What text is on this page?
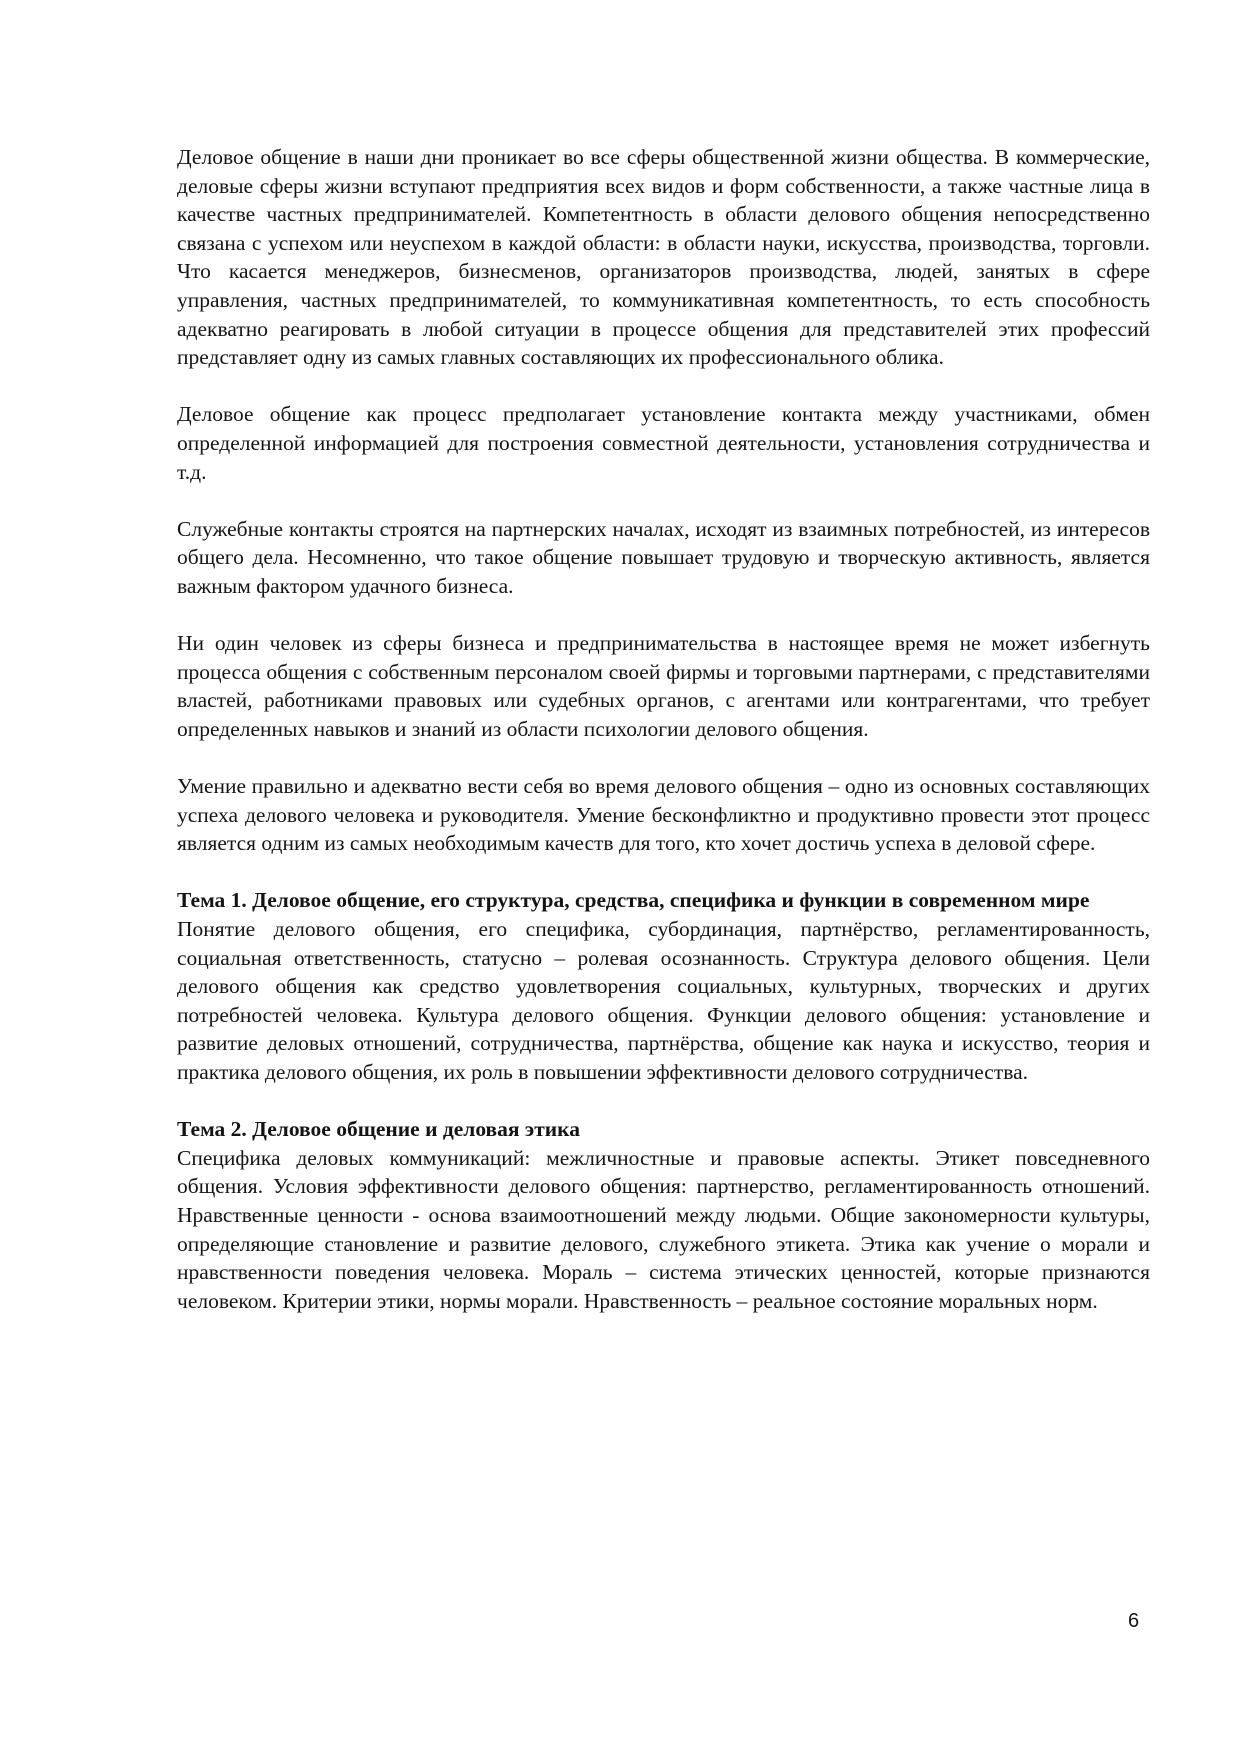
Деловое общение в наши дни проникает во все сферы общественной жизни общества. В коммерческие, деловые сферы жизни вступают предприятия всех видов и форм собственности, а также частные лица в качестве частных предпринимателей. Компетентность в области делового общения непосредственно связана с успехом или неуспехом в каждой области: в области науки, искусства, производства, торговли. Что касается менеджеров, бизнесменов, организаторов производства, людей, занятых в сфере управления, частных предпринимателей, то коммуникативная компетентность, то есть способность адекватно реагировать в любой ситуации в процессе общения для представителей этих профессий представляет одну из самых главных составляющих их профессионального облика.

Деловое общение как процесс предполагает установление контакта между участниками, обмен определенной информацией для построения совместной деятельности, установления сотрудничества и т.д.

Служебные контакты строятся на партнерских началах, исходят из взаимных потребностей, из интересов общего дела. Несомненно, что такое общение повышает трудовую и творческую активность, является важным фактором удачного бизнеса.

Ни один человек из сферы бизнеса и предпринимательства в настоящее время не может избегнуть процесса общения с собственным персоналом своей фирмы и торговыми партнерами, с представителями властей, работниками правовых или судебных органов, с агентами или контрагентами, что требует определенных навыков и знаний из области психологии делового общения.

Умение правильно и адекватно вести себя во время делового общения – одно из основных составляющих успеха делового человека и руководителя. Умение бесконфликтно и продуктивно провести этот процесс является одним из самых необходимым качеств для того, кто хочет достичь успеха в деловой сфере.

Тема 1. Деловое общение, его структура, средства, специфика и функции в современном мире

Понятие делового общения, его специфика, субординация, партнёрство, регламентированность, социальная ответственность, статусно – ролевая осознанность. Структура делового общения. Цели делового общения как средство удовлетворения социальных, культурных, творческих и других потребностей человека. Культура делового общения. Функции делового общения: установление и развитие деловых отношений, сотрудничества, партнёрства, общение как наука и искусство, теория и практика делового общения, их роль в повышении эффективности делового сотрудничества.

Тема 2. Деловое общение и деловая этика

Специфика деловых коммуникаций: межличностные и правовые аспекты. Этикет повседневного общения. Условия эффективности делового общения: партнерство, регламентированность отношений. Нравственные ценности - основа взаимоотношений между людьми. Общие закономерности культуры, определяющие становление и развитие делового, служебного этикета. Этика как учение о морали и нравственности поведения человека. Мораль – система этических ценностей, которые признаются человеком. Критерии этики, нормы морали. Нравственность – реальное состояние моральных норм.

6
